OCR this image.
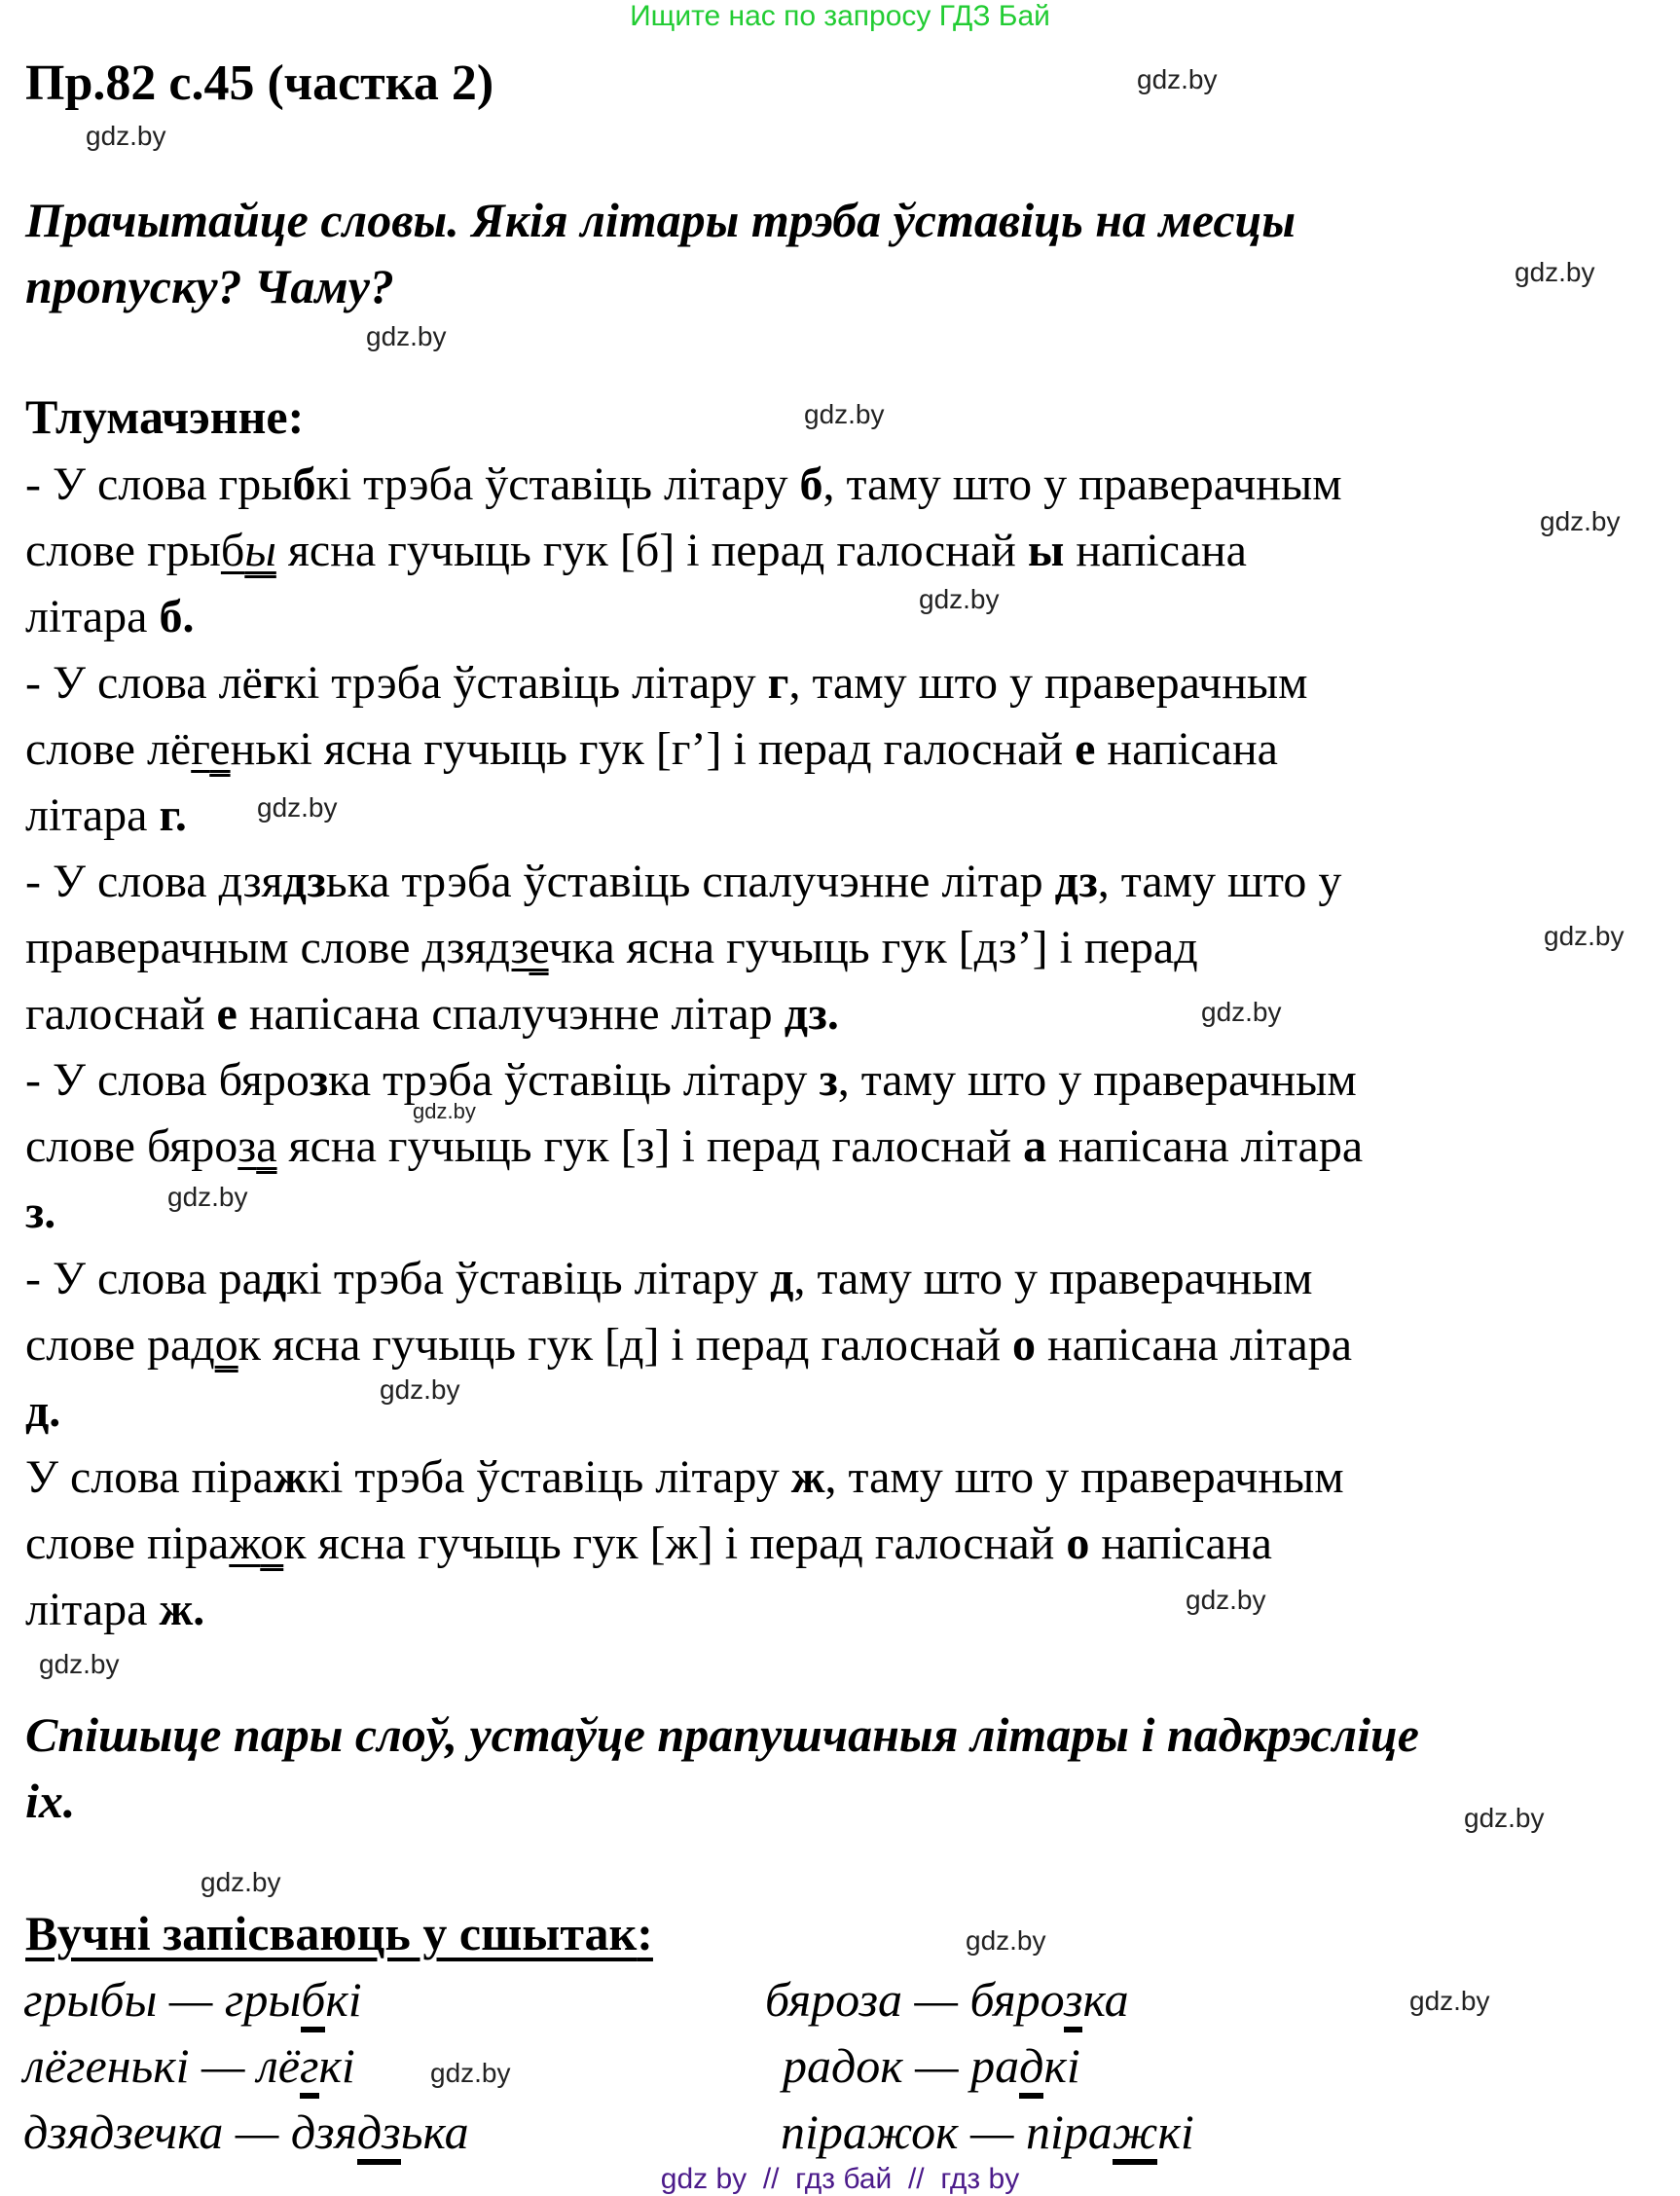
Ищите нас по запросу ГДЗ Бай
Пр.82 с.45 (частка 2)	gdz.by
gdz.by
Прачытайце словы. Якія літары трэба ўставіць на месцы
пропуску? Чаму?	gdz.by
gdz.by
Тлумачэнне:	gdz.by
- У слова грыбкі трэба ўставіць літару б, таму што у праверачным
gdz.by
слове грыбы ясна гучыць гук [б] і перад галоснай ы напісана
літара б.	gdz.by
- У слова лёгкі трэба ўставіць літару г, таму што у праверачным
слове лёгенькі ясна гучыць гук [г’] і перад галоснай е напісана
літара г.	gdz.by
- У слова дзядзька трэба ўставіць спалучэнне літар дз, таму што у
праверачным слове дзядзечка ясна гучыць гук [дз’] і перад	gdz.by
галоснай е напісана спалучэнне літар дз.	gdz.by
- У слова бярозка трэба ўставіць літару з, таму што у праверачным
gdz.by
слове бяроза ясна гучыць гук [з] і перад галоснай а напісана літара
з.	gdz.by
- У слова радкі трэба ўставіць літару д, таму што у праверачным
слове радок ясна гучыць гук [д] і перад галоснай о напісана літара
д.	gdz.by
У слова піражкі трэба ўставіць літару ж, таму што у праверачным
слове піражок ясна гучыць гук [ж] і перад галоснай о напісана
літара ж.	gdz.by
gdz.by
Спішыце пары слоў, устаўце прапушчаныя літары і падкрэсліце
іх.	gdz.by
gdz.by
Вучні запісваюць у сшытак:	gdz.by
грыбы — грыбкі	бяроза — бярозка	gdz.by
лёгенькі — лёгкі	gdz.by	радок — радкі
дзядзечка — дзядзька	піражок — піражкі
gdz by  //  гдз бай  //  гдз by
